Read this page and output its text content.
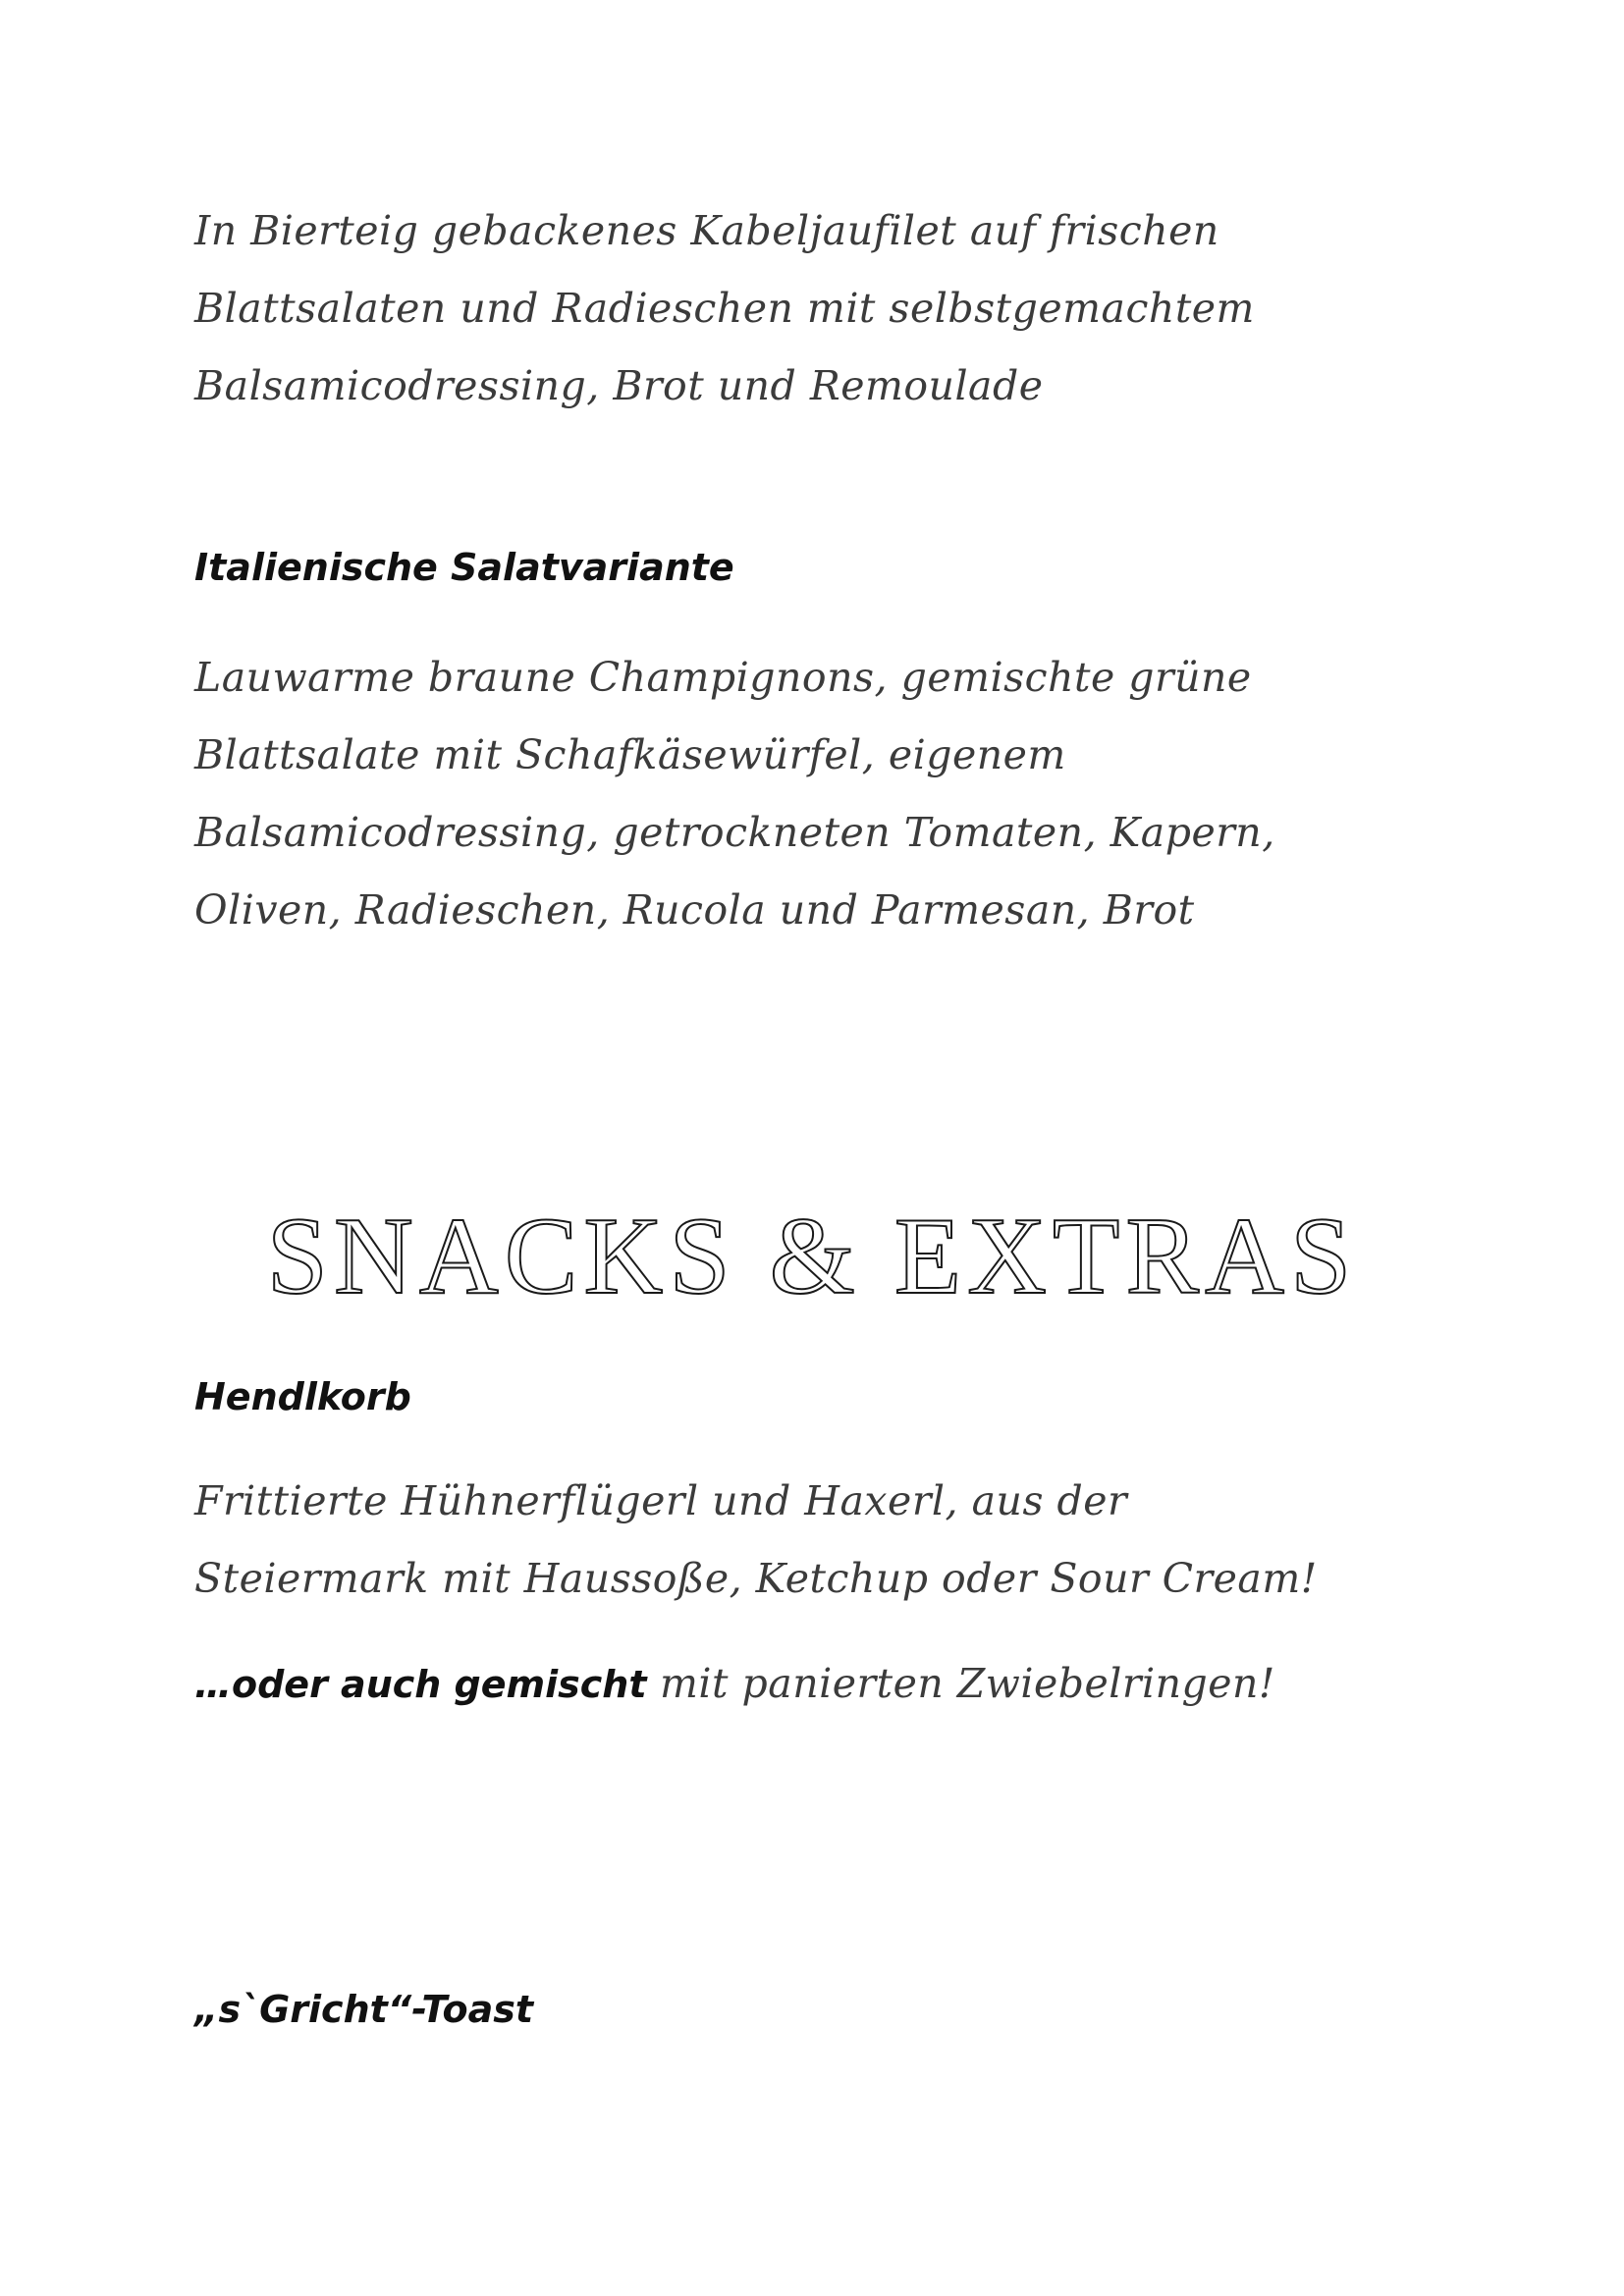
In Bierteig gebackenes Kabeljaufilet auf frischen
Blattsalaten und Radieschen mit selbstgemachtem
Balsamicodressing, Brot und Remoulade
Italienische Salatvariante
Lauwarme braune Champignons, gemischte grüne
Blattsalate mit Schafkäsewürfel, eigenem
Balsamicodressing, getrockneten Tomaten, Kapern,
Oliven, Radieschen, Rucola und Parmesan, Brot
SNACKS & EXTRAS
Hendlkorb
Frittierte Hühnerflügerl und Haxerl, aus der
Steiermark mit Haussoße, Ketchup oder Sour Cream!
…oder auch gemischt mit panierten Zwiebelringen!
„s`Gricht“-Toast
